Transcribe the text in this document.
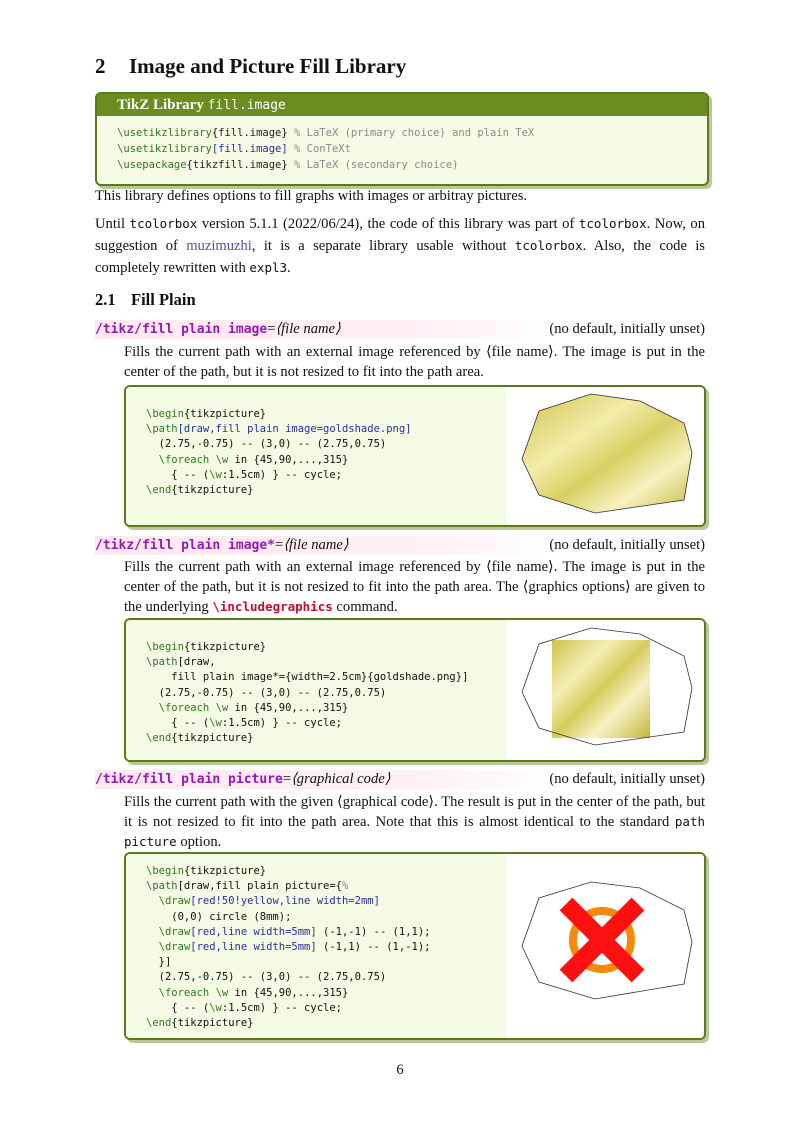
2 Image and Picture Fill Library
TikZ Library fill.image
\usetikzlibrary{fill.image} % LaTeX (primary choice) and plain TeX
\usetikzlibrary[fill.image] % ConTeXt
\usepackage{tikzfill.image} % LaTeX (secondary choice)
This library defines options to fill graphs with images or arbitray pictures.
Until tcolorbox version 5.1.1 (2022/06/24), the code of this library was part of tcolorbox. Now, on suggestion of muzimuzhi, it is a separate library usable without tcolorbox. Also, the code is completely rewritten with expl3.
2.1 Fill Plain
/tikz/fill plain image=⟨file name⟩	(no default, initially unset)
Fills the current path with an external image referenced by ⟨file name⟩. The image is put in the center of the path, but it is not resized to fit into the path area.
\begin{tikzpicture}
\path[draw,fill plain image=goldshade.png]
(2.75,-0.75) -- (3,0) -- (2.75,0.75)
\foreach \w in {45,90,...,315}
{ -- (\w:1.5cm) } -- cycle;
\end{tikzpicture}
/tikz/fill plain image*=⟨file name⟩	(no default, initially unset)
Fills the current path with an external image referenced by ⟨file name⟩. The image is put in the center of the path, but it is not resized to fit into the path area. The ⟨graphics options⟩ are given to the underlying \includegraphics command.
\begin{tikzpicture}
\path[draw,
fill plain image*={width=2.5cm}{goldshade.png}]
(2.75,-0.75) -- (3,0) -- (2.75,0.75)
\foreach \w in {45,90,...,315}
{ -- (\w:1.5cm) } -- cycle;
\end{tikzpicture}
/tikz/fill plain picture=⟨graphical code⟩	(no default, initially unset)
Fills the current path with the given ⟨graphical code⟩. The result is put in the center of the path, but it is not resized to fit into the path area. Note that this is almost identical to the standard path picture option.
\begin{tikzpicture}
\path[draw,fill plain picture={%
\draw[red!50!yellow,line width=2mm]
(0,0) circle (8mm);
\draw[red,line width=5mm] (-1,-1) -- (1,1);
\draw[red,line width=5mm] (-1,1) -- (1,-1);
}]
(2.75,-0.75) -- (3,0) -- (2.75,0.75)
\foreach \w in {45,90,...,315}
{ -- (\w:1.5cm) } -- cycle;
\end{tikzpicture}
6
